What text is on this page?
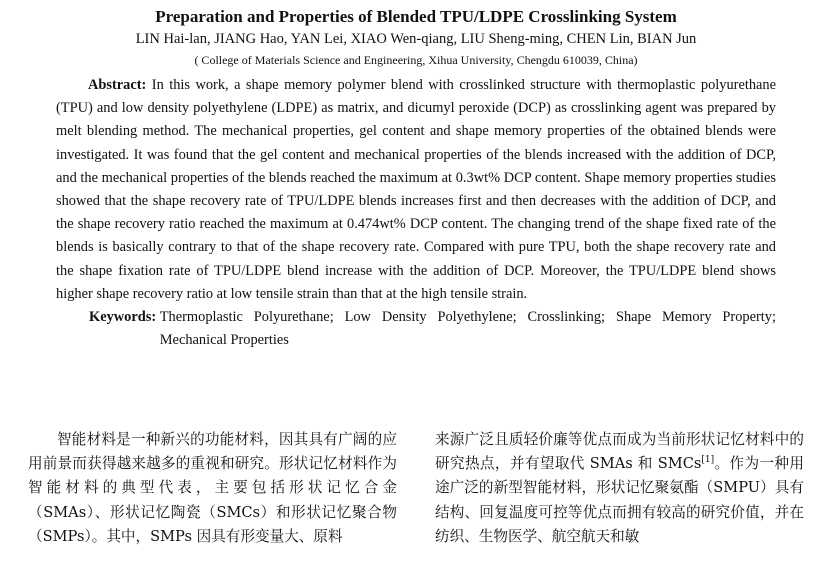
Preparation and Properties of Blended TPU/LDPE Crosslinking System

LIN Hai-lan, JIANG Hao, YAN Lei, XIAO Wen-qiang, LIU Sheng-ming, CHEN Lin, BIAN Jun

( College of Materials Science and Engineering, Xihua University, Chengdu 610039, China)

Abstract: In this work, a shape memory polymer blend with crosslinked structure with thermoplastic polyurethane (TPU) and low density polyethylene (LDPE) as matrix, and dicumyl peroxide (DCP) as crosslinking agent was prepared by melt blending method. The mechanical properties, gel content and shape memory properties of the obtained blends were investigated. It was found that the gel content and mechanical properties of the blends increased with the addition of DCP, and the mechanical properties of the blends reached the maximum at 0.3wt% DCP content. Shape memory properties studies showed that the shape recovery rate of TPU/LDPE blends increases first and then decreases with the addition of DCP, and the shape recovery ratio reached the maximum at 0.474wt% DCP content. The changing trend of the shape fixed rate of the blends is basically contrary to that of the shape recovery rate. Compared with pure TPU, both the shape recovery rate and the shape fixation rate of TPU/LDPE blend increase with the addition of DCP. Moreover, the TPU/LDPE blend shows higher shape recovery ratio at low tensile strain than that at the high tensile strain.

Keywords:
Thermoplastic Polyurethane; Low Density Polyethylene; Crosslinking; Shape Memory Property; Mechanical Properties

智能材料是一种新兴的功能材料，因其具有广阔的应用前景而获得越来越多的重视和研究。形状记忆材料作为智能材料的典型代表，主要包括形状记忆合金（SMAs）、形状记忆陶瓷（SMCs）和形状记忆聚合物（SMPs）。其中，SMPs 因具有形变量大、原料

来源广泛且质轻价廉等优点而成为当前形状记忆材料中的研究热点，并有望取代 SMAs 和 SMCs[1]。作为一种用途广泛的新型智能材料，形状记忆聚氨酯（SMPU）具有结构、回复温度可控等优点而拥有较高的研究价值，并在纺织、生物医学、航空航天和敏
